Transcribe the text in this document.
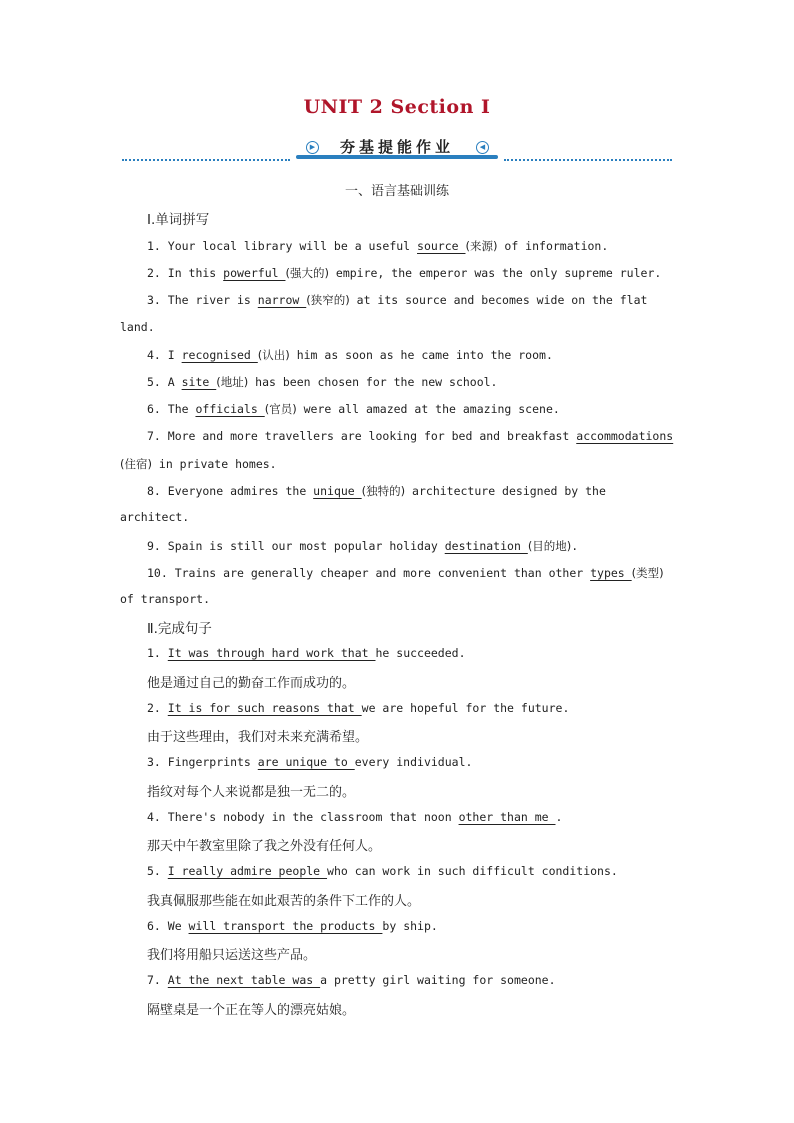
UNIT 2 Section Ⅰ
▶	夯基提能作业	◀
一、语言基础训练
Ⅰ.单词拼写
1. Your local library will be a useful source (来源) of information.
2. In this powerful (强大的) empire, the emperor was the only supreme ruler.
3. The river is narrow (狭窄的) at its source and becomes wide on the flat
land.
4. I recognised (认出) him as soon as he came into the room.
5. A site (地址) has been chosen for the new school.
6. The officials (官员) were all amazed at the amazing scene.
7. More and more travellers are looking for bed and breakfast accommodations
(住宿) in private homes.
8. Everyone admires the unique (独特的) architecture designed by the
architect.
9. Spain is still our most popular holiday destination (目的地).
10. Trains are generally cheaper and more convenient than other types (类型)
of transport.
Ⅱ.完成句子
1. It was through hard work that he succeeded.
他是通过自己的勤奋工作而成功的。
2. It is for such reasons that we are hopeful for the future.
由于这些理由，我们对未来充满希望。
3. Fingerprints are unique to every individual.
指纹对每个人来说都是独一无二的。
4. There's nobody in the classroom that noon other than me .
那天中午教室里除了我之外没有任何人。
5. I really admire people who can work in such difficult conditions.
我真佩服那些能在如此艰苦的条件下工作的人。
6. We will transport the products by ship.
我们将用船只运送这些产品。
7. At the next table was a pretty girl waiting for someone.
隔壁桌是一个正在等人的漂亮姑娘。
